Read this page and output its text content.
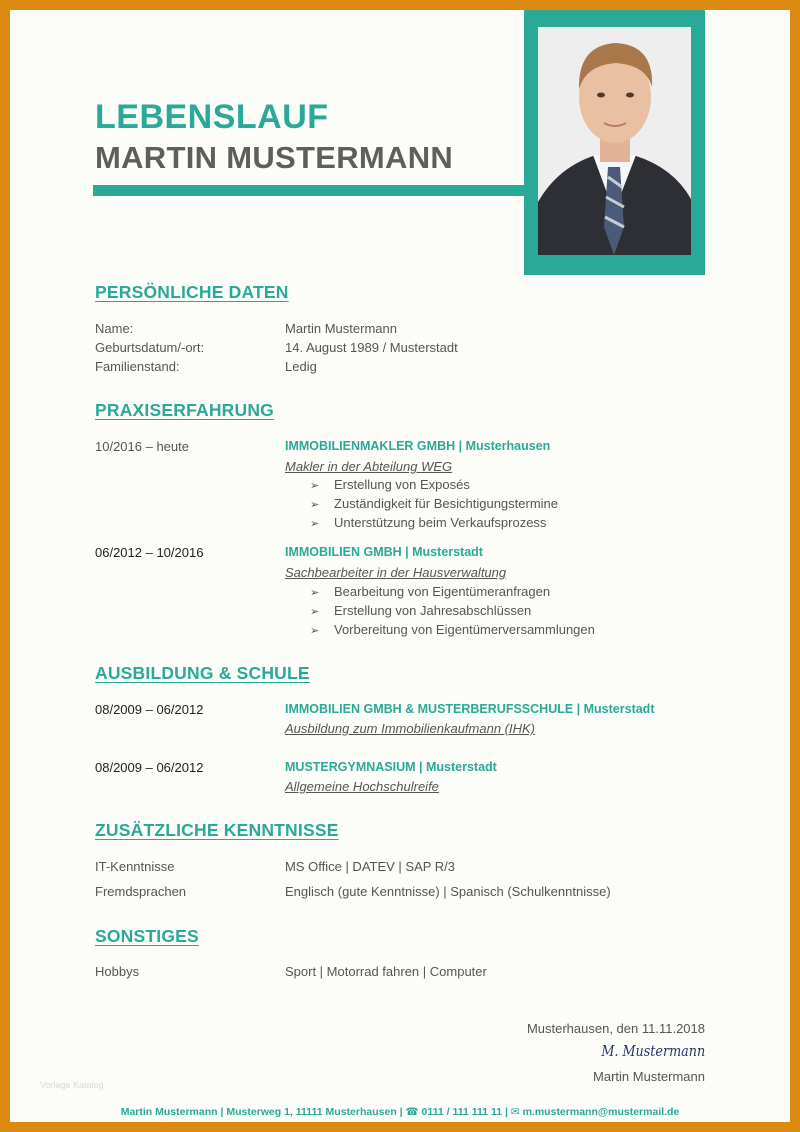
LEBENSLAUF
MARTIN MUSTERMANN
PERSÖNLICHE DATEN
Name:	Martin Mustermann
Geburtsdatum/-ort:	14. August 1989 / Musterstadt
Familienstand:	Ledig
PRAXISERFAHRUNG
10/2016 – heute	IMMOBILIENMAKLER GMBH | Musterhausen
Makler in der Abteilung WEG
➢ Erstellung von Exposés
➢ Zuständigkeit für Besichtigungstermine
➢ Unterstützung beim Verkaufsprozess
06/2012 – 10/2016	IMMOBILIEN GMBH | Musterstadt
Sachbearbeiter in der Hausverwaltung
➢ Bearbeitung von Eigentümeranfragen
➢ Erstellung von Jahresabschlüssen
➢ Vorbereitung von Eigentümerversammlungen
AUSBILDUNG & SCHULE
08/2009 – 06/2012	IMMOBILIEN GMBH & MUSTERBERUFSSCHULE | Musterstadt
Ausbildung zum Immobilienkaufmann (IHK)
08/2009 – 06/2012	MUSTERGYMNASIUM | Musterstadt
Allgemeine Hochschulreife
ZUSÄTZLICHE KENNTNISSE
IT-Kenntnisse	MS Office | DATEV | SAP R/3
Fremdsprachen	Englisch (gute Kenntnisse) | Spanisch (Schulkenntnisse)
SONSTIGES
Hobbys	Sport | Motorrad fahren | Computer
Musterhausen, den 11.11.2018
M. Mustermann
Martin Mustermann
Vorlage Katalog
Martin Mustermann | Musterweg 1, 11111 Musterhausen | ☎ 0111 / 111 111 11 | ✉ m.mustermann@mustermail.de
